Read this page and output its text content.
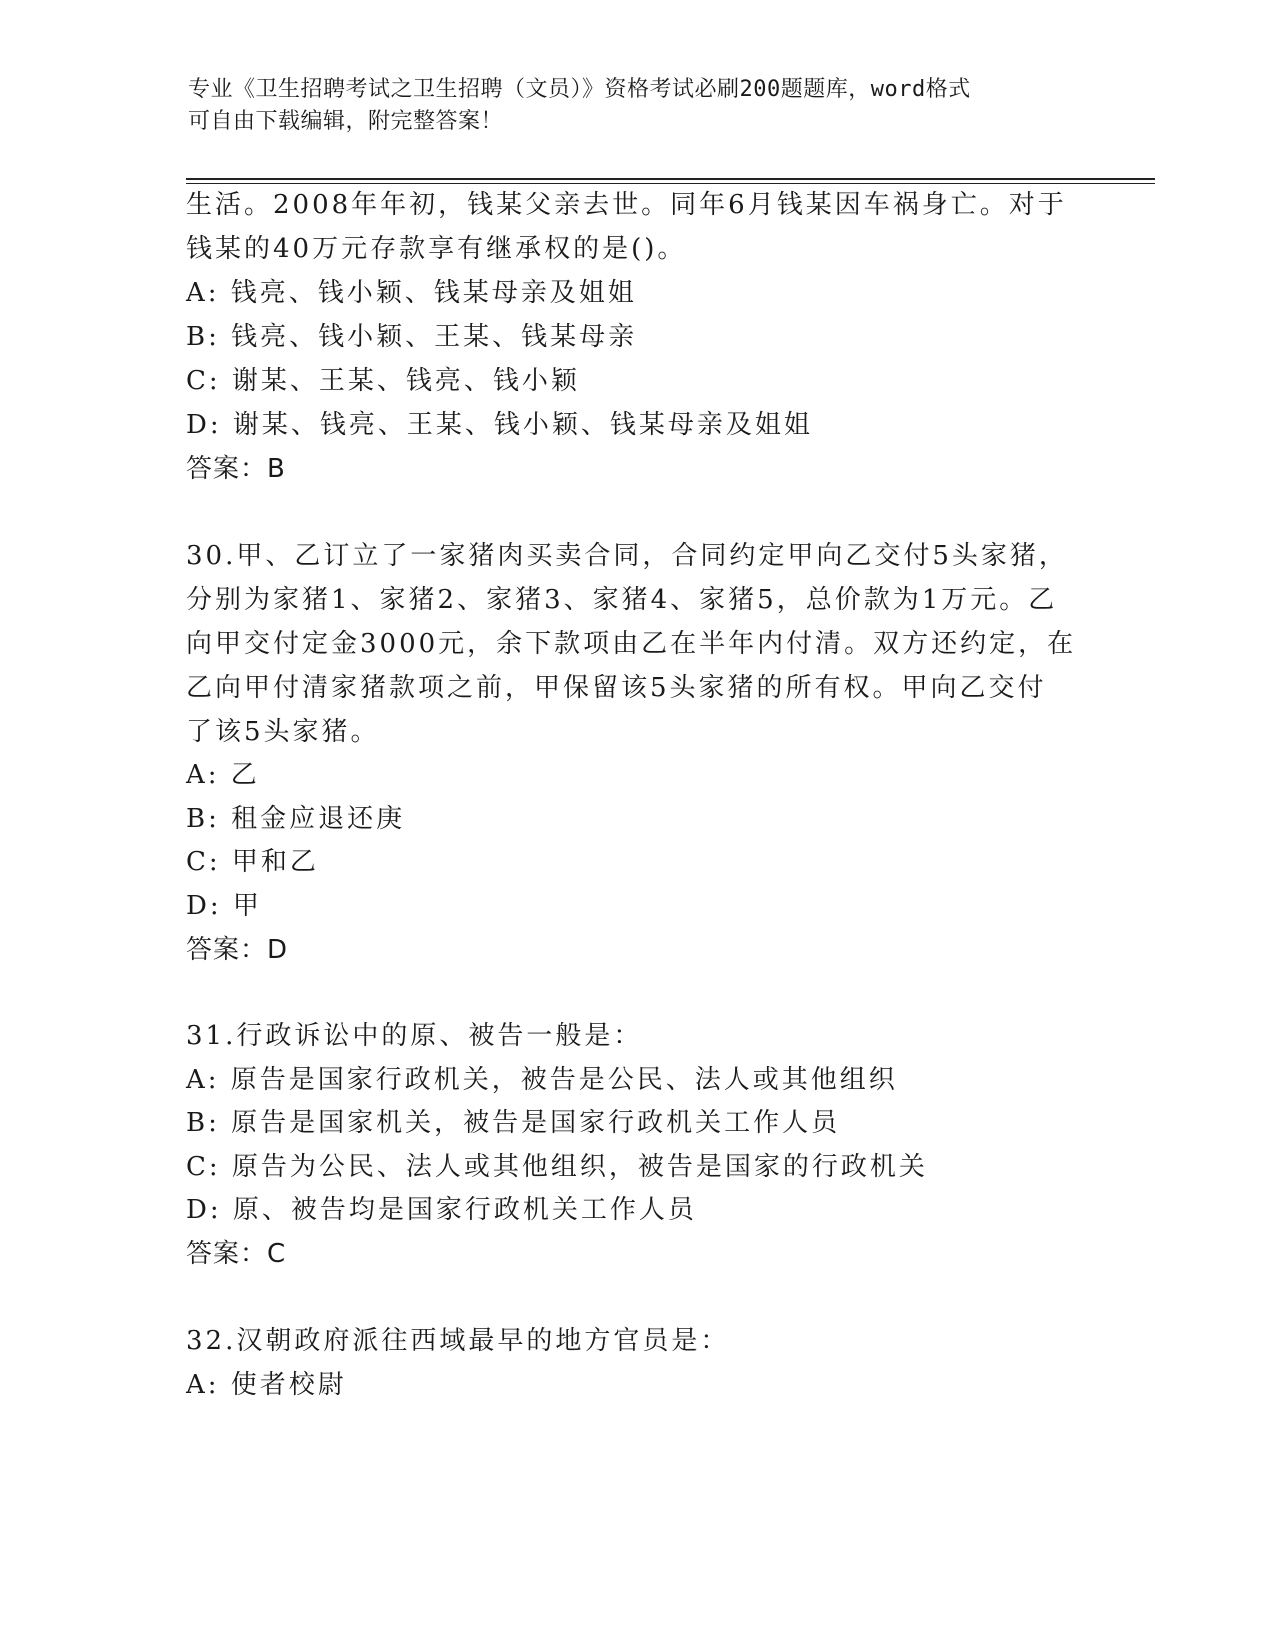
专业《卫生招聘考试之卫生招聘（文员）》资格考试必刷200题题库，word格式
可自由下载编辑，附完整答案！
生活。2008年年初，钱某父亲去世。同年6月钱某因车祸身亡。对于
钱某的40万元存款享有继承权的是()。
A: 钱亮、钱小颖、钱某母亲及姐姐
B: 钱亮、钱小颖、王某、钱某母亲
C: 谢某、王某、钱亮、钱小颖
D: 谢某、钱亮、王某、钱小颖、钱某母亲及姐姐
答案：B
30.甲、乙订立了一家猪肉买卖合同，合同约定甲向乙交付5头家猪，
分别为家猪1、家猪2、家猪3、家猪4、家猪5，总价款为1万元。乙
向甲交付定金3000元，余下款项由乙在半年内付清。双方还约定，在
乙向甲付清家猪款项之前，甲保留该5头家猪的所有权。甲向乙交付
了该5头家猪。
A: 乙
B: 租金应退还庚
C: 甲和乙
D: 甲
答案：D
31.行政诉讼中的原、被告一般是：
A: 原告是国家行政机关，被告是公民、法人或其他组织
B: 原告是国家机关，被告是国家行政机关工作人员
C: 原告为公民、法人或其他组织，被告是国家的行政机关
D: 原、被告均是国家行政机关工作人员
答案：C
32.汉朝政府派往西域最早的地方官员是：
A: 使者校尉
